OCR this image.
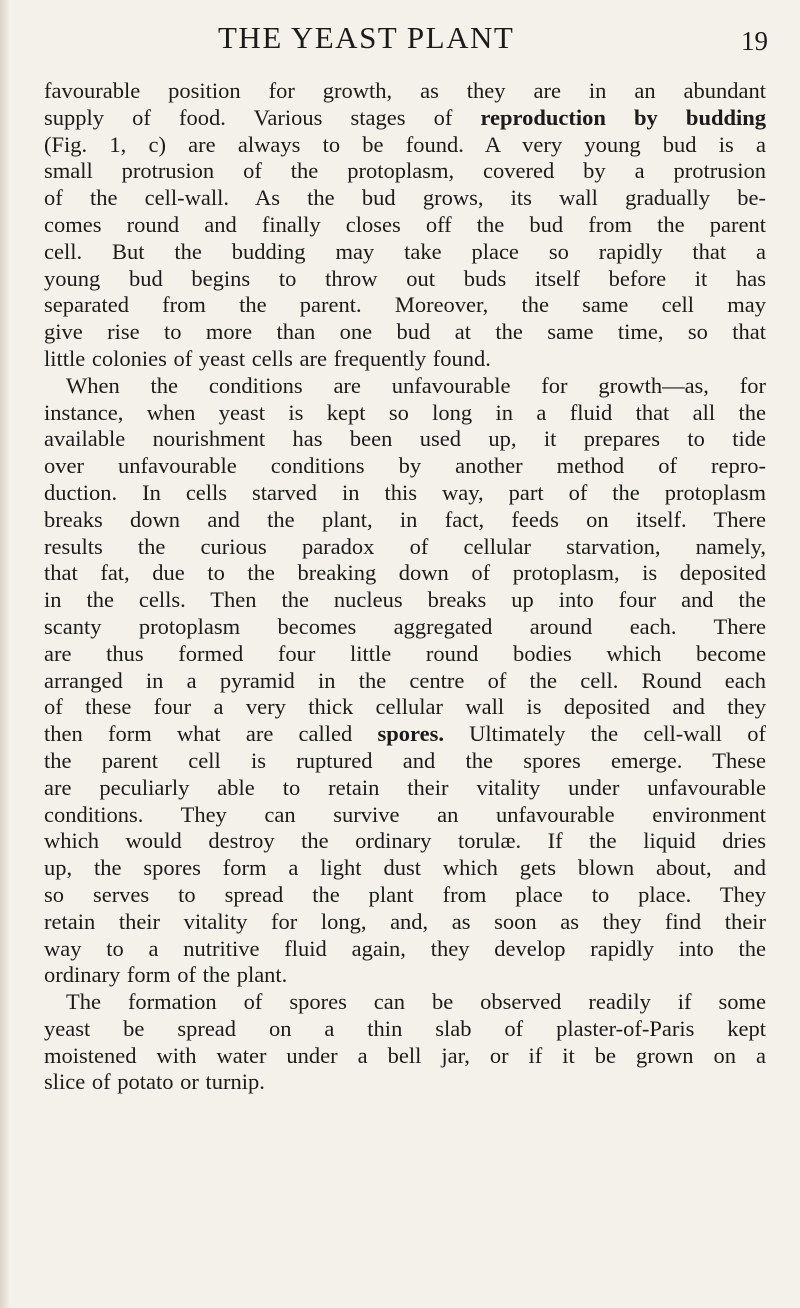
THE YEAST PLANT	19
favourable position for growth, as they are in an abundant
supply of food. Various stages of reproduction by budding
(Fig. 1, c) are always to be found. A very young bud is a
small protrusion of the protoplasm, covered by a protrusion
of the cell-wall. As the bud grows, its wall gradually be-
comes round and finally closes off the bud from the parent
cell. But the budding may take place so rapidly that a
young bud begins to throw out buds itself before it has
separated from the parent. Moreover, the same cell may
give rise to more than one bud at the same time, so that
little colonies of yeast cells are frequently found.
When the conditions are unfavourable for growth—as, for
instance, when yeast is kept so long in a fluid that all the
available nourishment has been used up, it prepares to tide
over unfavourable conditions by another method of repro-
duction. In cells starved in this way, part of the protoplasm
breaks down and the plant, in fact, feeds on itself. There
results the curious paradox of cellular starvation, namely,
that fat, due to the breaking down of protoplasm, is deposited
in the cells. Then the nucleus breaks up into four and the
scanty protoplasm becomes aggregated around each. There
are thus formed four little round bodies which become
arranged in a pyramid in the centre of the cell. Round each
of these four a very thick cellular wall is deposited and they
then form what are called spores. Ultimately the cell-wall of
the parent cell is ruptured and the spores emerge. These
are peculiarly able to retain their vitality under unfavourable
conditions. They can survive an unfavourable environment
which would destroy the ordinary torulæ. If the liquid dries
up, the spores form a light dust which gets blown about, and
so serves to spread the plant from place to place. They
retain their vitality for long, and, as soon as they find their
way to a nutritive fluid again, they develop rapidly into the
ordinary form of the plant.
The formation of spores can be observed readily if some
yeast be spread on a thin slab of plaster-of-Paris kept
moistened with water under a bell jar, or if it be grown on a
slice of potato or turnip.
